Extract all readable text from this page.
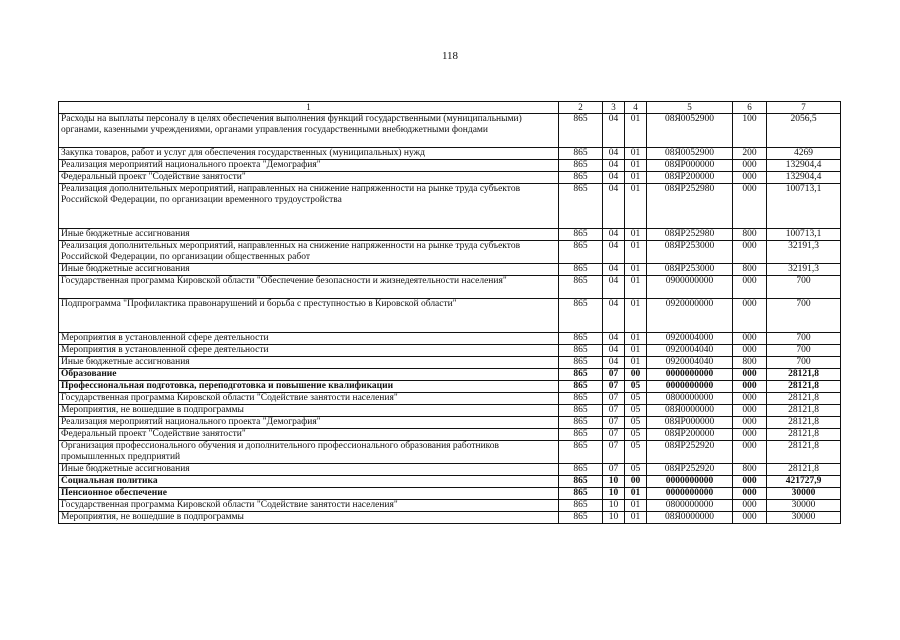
118
1	2	3	4	5	6	7
Расходы на выплаты персоналу в целях обеспечения выполнения функций государственными (муниципальными) органами, казенными учреждениями, органами управления государственными внебюджетными фондами	865	04	01	08Я0052900	100	2056,5
Закупка товаров, работ и услуг для обеспечения государственных (муниципальных) нужд	865	04	01	08Я0052900	200	4269
Реализация мероприятий национального проекта "Демография"	865	04	01	08ЯР000000	000	132904,4
Федеральный проект "Содействие занятости"	865	04	01	08ЯР200000	000	132904,4
Реализация дополнительных мероприятий, направленных на снижение напряженности на рынке труда субъектов Российской Федерации, по организации временного трудоустройства	865	04	01	08ЯР252980	000	100713,1
Иные бюджетные ассигнования	865	04	01	08ЯР252980	800	100713,1
Реализация дополнительных мероприятий, направленных на снижение напряженности на рынке труда субъектов Российской Федерации, по организации общественных работ	865	04	01	08ЯР253000	000	32191,3
Иные бюджетные ассигнования	865	04	01	08ЯР253000	800	32191,3
Государственная программа Кировской области "Обеспечение безопасности и жизнедеятельности населения"	865	04	01	0900000000	000	700
Подпрограмма "Профилактика правонарушений и борьба с преступностью в Кировской области"	865	04	01	0920000000	000	700
Мероприятия в установленной сфере деятельности	865	04	01	0920004000	000	700
Мероприятия в установленной сфере деятельности	865	04	01	0920004040	000	700
Иные бюджетные ассигнования	865	04	01	0920004040	800	700
Образование	865	07	00	0000000000	000	28121,8
Профессиональная подготовка, переподготовка и повышение квалификации	865	07	05	0000000000	000	28121,8
Государственная программа Кировской области "Содействие занятости населения"	865	07	05	0800000000	000	28121,8
Мероприятия, не вошедшие в подпрограммы	865	07	05	08Я0000000	000	28121,8
Реализация мероприятий национального проекта "Демография"	865	07	05	08ЯР000000	000	28121,8
Федеральный проект "Содействие занятости"	865	07	05	08ЯР200000	000	28121,8
Организация профессионального обучения и дополнительного профессионального образования работников промышленных предприятий	865	07	05	08ЯР252920	000	28121,8
Иные бюджетные ассигнования	865	07	05	08ЯР252920	800	28121,8
Социальная политика	865	10	00	0000000000	000	421727,9
Пенсионное обеспечение	865	10	01	0000000000	000	30000
Государственная программа Кировской области "Содействие занятости населения"	865	10	01	0800000000	000	30000
Мероприятия, не вошедшие в подпрограммы	865	10	01	08Я0000000	000	30000
